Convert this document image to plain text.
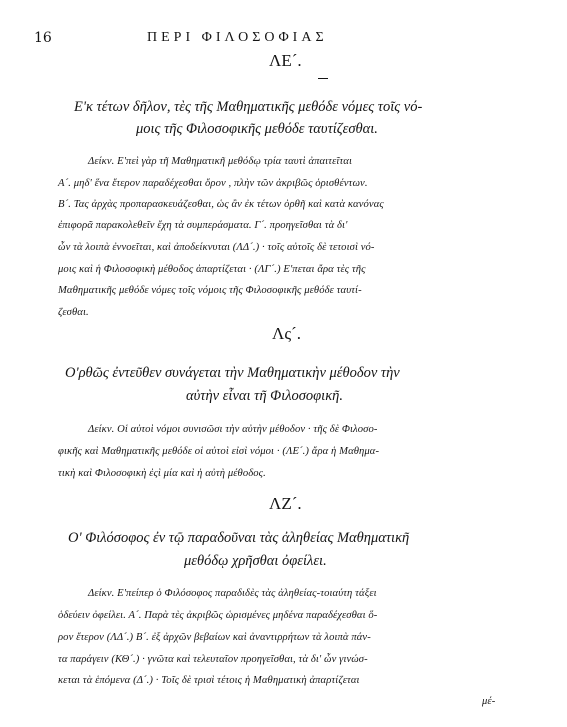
16	ΠΕΡΙ ΦΙΛΟΣΟΦΙΑΣ
ΛΕ´.
Ε'κ τέτων δῆλον, τὲς τῆς Μαθηματικῆς μεθόδε νόμες τοῖς νό-
μοις τῆς Φιλοσοφικῆς μεθόδε ταυτίζεσθαι.
Δείκν. Ε'πεὶ γὰρ τῆ Μαθηματικῆ μεθόδῳ τρία ταυτὶ ἀπαιτεῖται
Α´. μηδ' ἕνα ἕτερον παραδέχεσθαι ὅρον , πλὴν τῶν ἀκριβῶς ὁρισθέντων.
Β´. Τας ἀρχὰς προπαρασκευάζεσθαι, ὡς ἂν ἐκ τέτων ὀρθῆ καὶ κατὰ κανόνας
ἐπιφορᾶ παρακολεθεῖν ἔχη τὰ συμπεράσματα. Γ´. προηγεῖσθαι τὰ δι'
ὧν τὰ λοιπὰ ἐννοεῖται, καὶ ἀποδείκνυται (ΛΔ´.) · τοῖς αὐτοῖς δὲ τετοισὶ νό-
μοις καὶ ἡ Φιλοσοφικὴ μέθοδος ἀπαρτίζεται · (ΛΓ´.) Ε'πεται ἄρα τὲς τῆς
Μαθηματικῆς μεθόδε νόμες τοῖς νόμοις τῆς Φιλοσοφικῆς μεθόδε ταυτί-
ζεσθαι.
Λς´.
Ο'ρθῶς ἐντεῦθεν συνάγεται τὴν Μαθηματικὴν μέθοδον τὴν
αὐτὴν εἶναι τῆ Φιλοσοφικῆ.
Δείκν. Οἱ αὐτοὶ νόμοι συνισῶσι τὴν αὐτὴν μέθοδον · τῆς δὲ Φιλοσο-
φικῆς καὶ Μαθηματικῆς μεθόδε οἱ αὐτοὶ εἰσὶ νόμοι · (ΛΕ´.) ἄρα ἡ Μαθημα-
τικὴ καὶ Φιλοσοφικὴ ἐςὶ μία καὶ ἡ αὐτὴ μέθοδος.
ΛΖ´.
Ο' Φιλόσοφος ἐν τῷ παραδοῦναι τὰς ἀληθείας Μαθηματικῆ
μεθόδῳ χρῆσθαι ὀφείλει.
Δείκν. Ε'πείπερ ὁ Φιλόσοφος παραδιδὲς τὰς ἀληθείας-τοιαύτη τάξει
ὁδεύειν ὀφείλει. Α´. Παρὰ τὲς ἀκριβῶς ὡρισμένες μηδένα παραδέχεσθαι ὅ-
ρον ἕτερον (ΛΔ´.) Β´. ἐξ ἀρχῶν βεβαίων καὶ ἀναντιρρήτων τὰ λοιπὰ πάν-
τα παράγειν (ΚΘ´.) · γνῶτα καὶ τελευταῖον προηγεῖσθαι, τὰ δι' ὧν γινώσ-
κεται τὰ ἑπόμενα (Δ´.) · Τοῖς δὲ τρισὶ τέτοις ἡ Μαθηματικὴ ἀπαρτίζεται
μέ-
